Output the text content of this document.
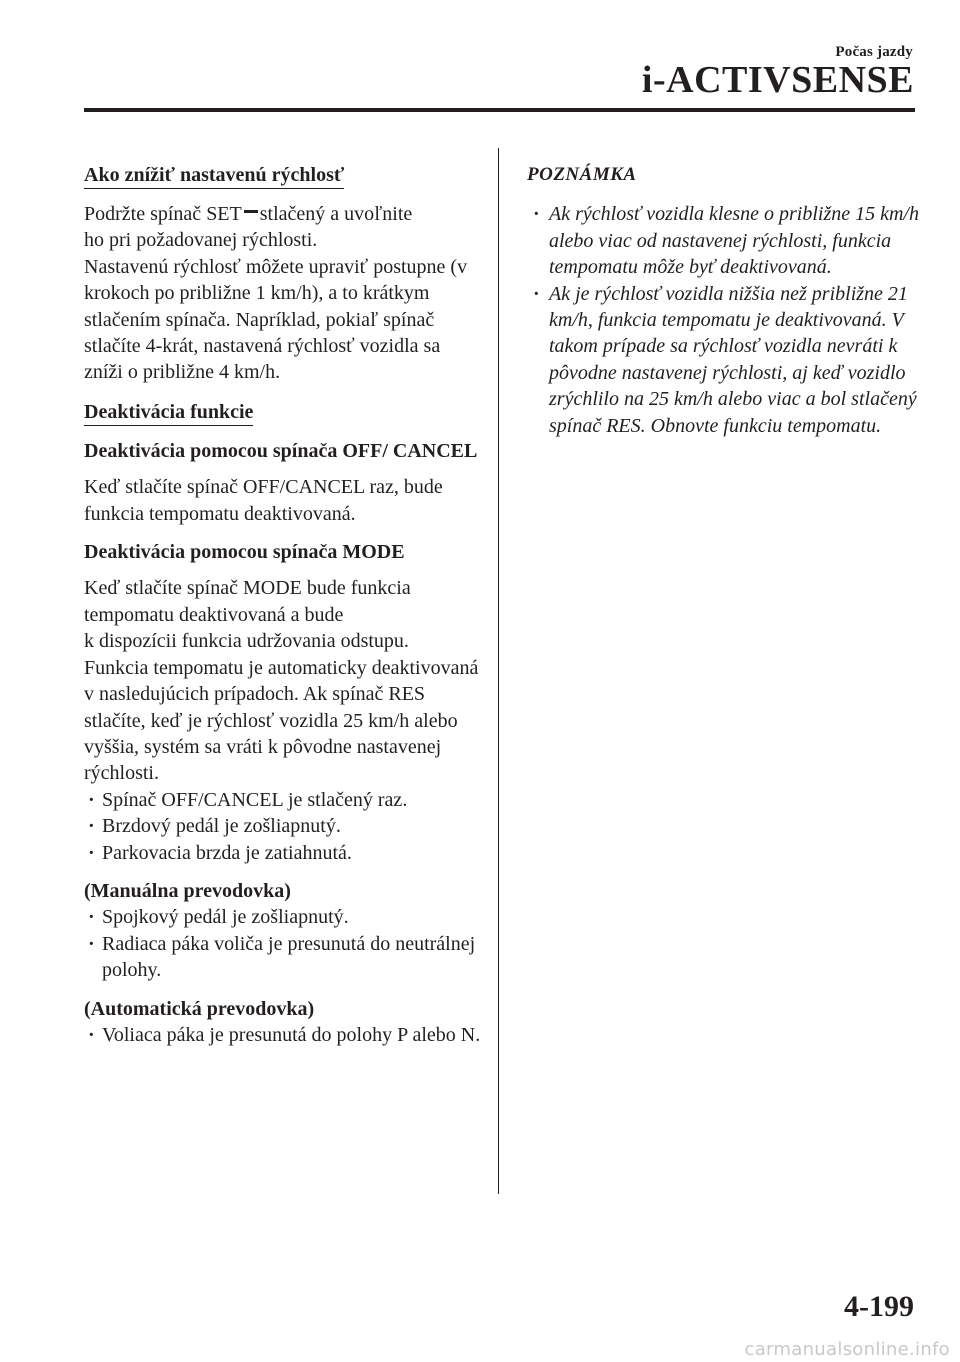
Počas jazdy
i-ACTIVSENSE
Ako znížiť nastavenú rýchlosť

Podržte spínač SET stlačený a uvoľnite
ho pri požadovanej rýchlosti.

Nastavenú rýchlosť môžete upraviť postupne (v krokoch po približne 1 km/h), a to krátkym stlačením spínača. Napríklad, pokiaľ spínač stlačíte 4-krát, nastavená rýchlosť vozidla sa zníži o približne 4 km/h.

Deaktivácia funkcie

Deaktivácia pomocou spínača OFF/ CANCEL

Keď stlačíte spínač OFF/CANCEL raz, bude funkcia tempomatu deaktivovaná.

Deaktivácia pomocou spínača MODE

Keď stlačíte spínač MODE bude funkcia tempomatu deaktivovaná a bude

k dispozícii funkcia udržovania odstupu.

Funkcia tempomatu je automaticky deaktivovaná v nasledujúcich prípadoch. Ak spínač RES stlačíte, keď je rýchlosť vozidla 25 km/h alebo vyššia, systém sa vráti k pôvodne nastavenej rýchlosti.

· Spínač OFF/CANCEL je stlačený raz.
· Brzdový pedál je zošliapnutý.
· Parkovacia brzda je zatiahnutá.

(Manuálna prevodovka)

· Spojkový pedál je zošliapnutý.
· Radiaca páka voliča je presunutá do neutrálnej polohy.

(Automatická prevodovka)

· Voliaca páka je presunutá do polohy P alebo N.
POZNÁMKA
· Ak rýchlosť vozidla klesne o približne 15 km/h alebo viac od nastavenej rýchlosti, funkcia tempomatu môže byť deaktivovaná.
· Ak je rýchlosť vozidla nižšia než približne 21 km/h, funkcia tempomatu je deaktivovaná. V takom prípade sa rýchlosť vozidla nevráti k pôvodne nastavenej rýchlosti, aj keď vozidlo zrýchlilo na 25 km/h alebo viac a bol stlačený spínač RES. Obnovte funkciu tempomatu.
4-199
carmanualsonline.info
